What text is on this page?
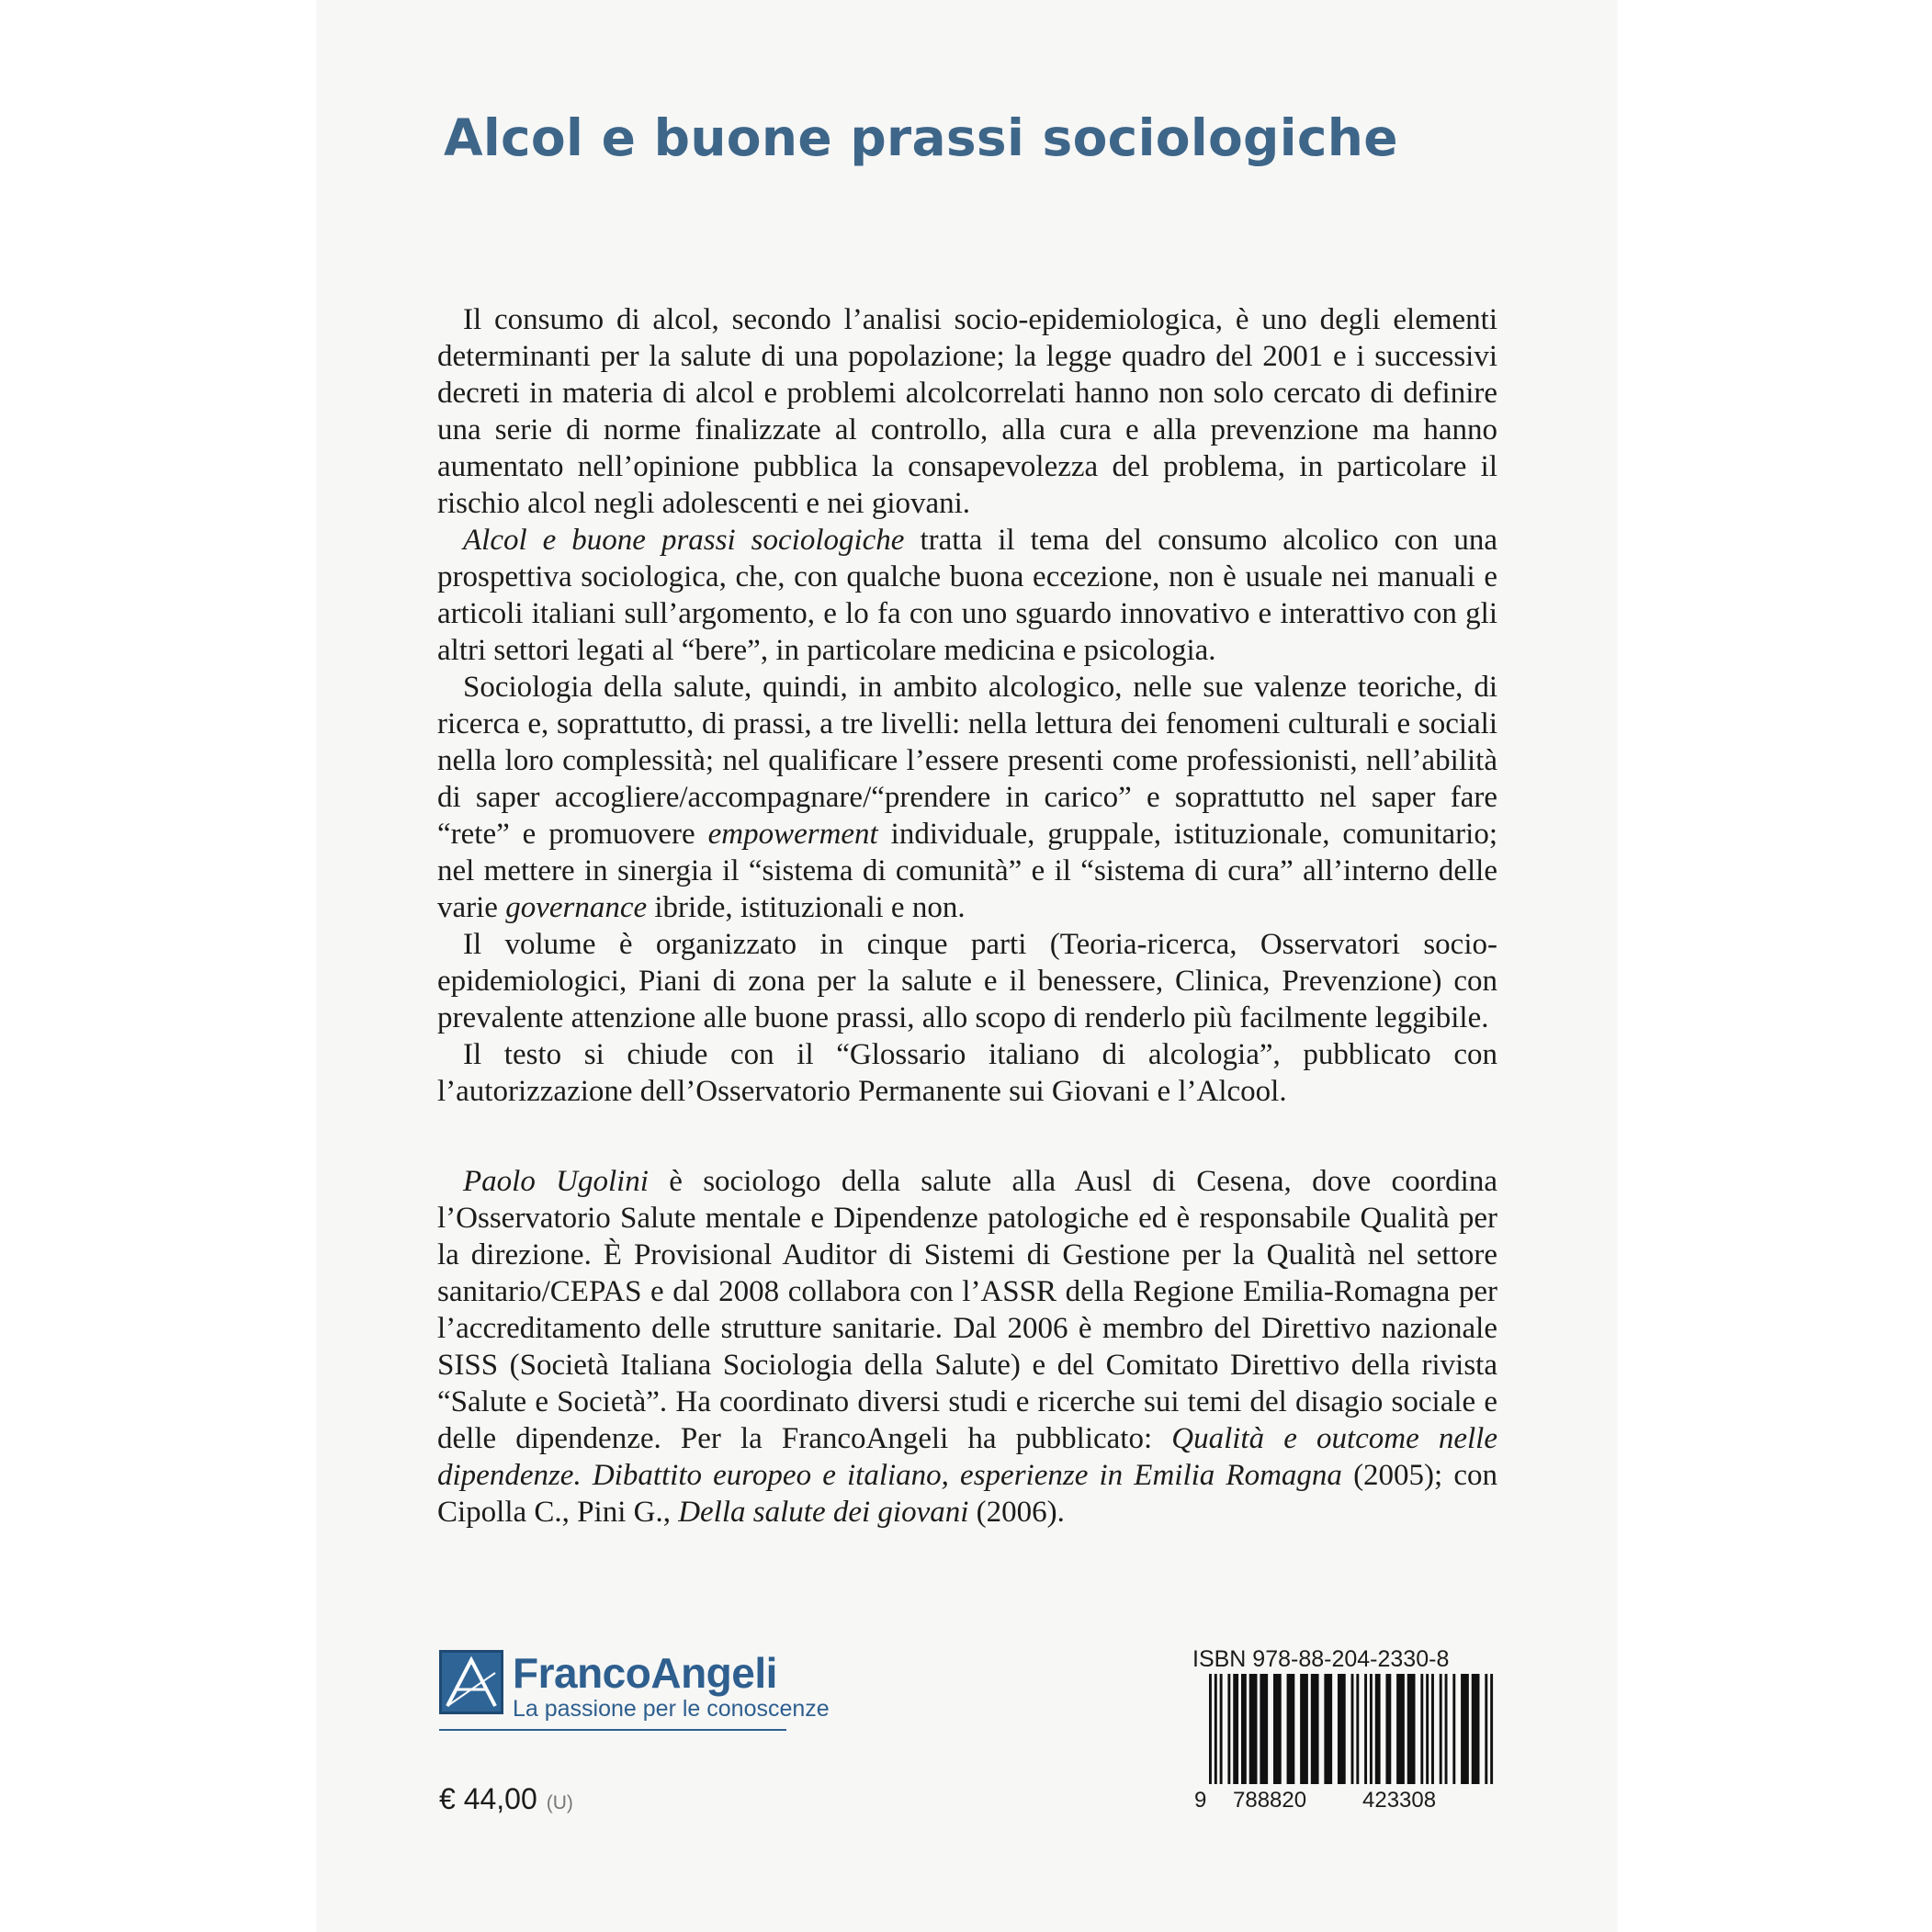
Alcol e buone prassi sociologiche

Il consumo di alcol, secondo l’analisi socio-epidemiologica, è uno degli elementi determinanti per la salute di una popolazione; la legge quadro del 2001 e i successivi decreti in materia di alcol e problemi alcolcorrelati hanno non solo cercato di definire una serie di norme finalizzate al controllo, alla cura e alla prevenzione ma hanno aumentato nell’opinione pubblica la consapevolezza del problema, in particolare il rischio alcol negli adolescenti e nei giovani.

Alcol e buone prassi sociologiche tratta il tema del consumo alcolico con una prospettiva sociologica, che, con qualche buona eccezione, non è usuale nei manuali e articoli italiani sull’argomento, e lo fa con uno sguardo innovativo e interattivo con gli altri settori legati al “bere”, in particolare medicina e psicologia.

Sociologia della salute, quindi, in ambito alcologico, nelle sue valenze teoriche, di ricerca e, soprattutto, di prassi, a tre livelli: nella lettura dei fenomeni culturali e sociali nella loro complessità; nel qualificare l’essere presenti come professionisti, nell’abilità di saper accogliere/accompagnare/“prendere in carico” e soprattutto nel saper fare “rete” e promuovere empowerment individuale, gruppale, istituzionale, comunitario; nel mettere in sinergia il “sistema di comunità” e il “sistema di cura” all’interno delle varie governance ibride, istituzionali e non.

Il volume è organizzato in cinque parti (Teoria-ricerca, Osservatori socio-epidemiologici, Piani di zona per la salute e il benessere, Clinica, Prevenzione) con prevalente attenzione alle buone prassi, allo scopo di renderlo più facilmente leggibile.

Il testo si chiude con il “Glossario italiano di alcologia”, pubblicato con l’autorizzazione dell’Osservatorio Permanente sui Giovani e l’Alcool.

Paolo Ugolini è sociologo della salute alla Ausl di Cesena, dove coordina l’Osservatorio Salute mentale e Dipendenze patologiche ed è responsabile Qualità per la direzione. È Provisional Auditor di Sistemi di Gestione per la Qualità nel settore sanitario/CEPAS e dal 2008 collabora con l’ASSR della Regione Emilia-Romagna per l’accreditamento delle strutture sanitarie. Dal 2006 è membro del Direttivo nazionale SISS (Società Italiana Sociologia della Salute) e del Comitato Direttivo della rivista “Salute e Società”. Ha coordinato diversi studi e ricerche sui temi del disagio sociale e delle dipendenze. Per la FrancoAngeli ha pubblicato: Qualità e outcome nelle dipendenze. Dibattito europeo e italiano, esperienze in Emilia Romagna (2005); con Cipolla C., Pini G., Della salute dei giovani (2006).

FrancoAngeli
La passione per le conoscenze
€ 44,00 (U)
ISBN 978-88-204-2330-8
9 788820	423308
